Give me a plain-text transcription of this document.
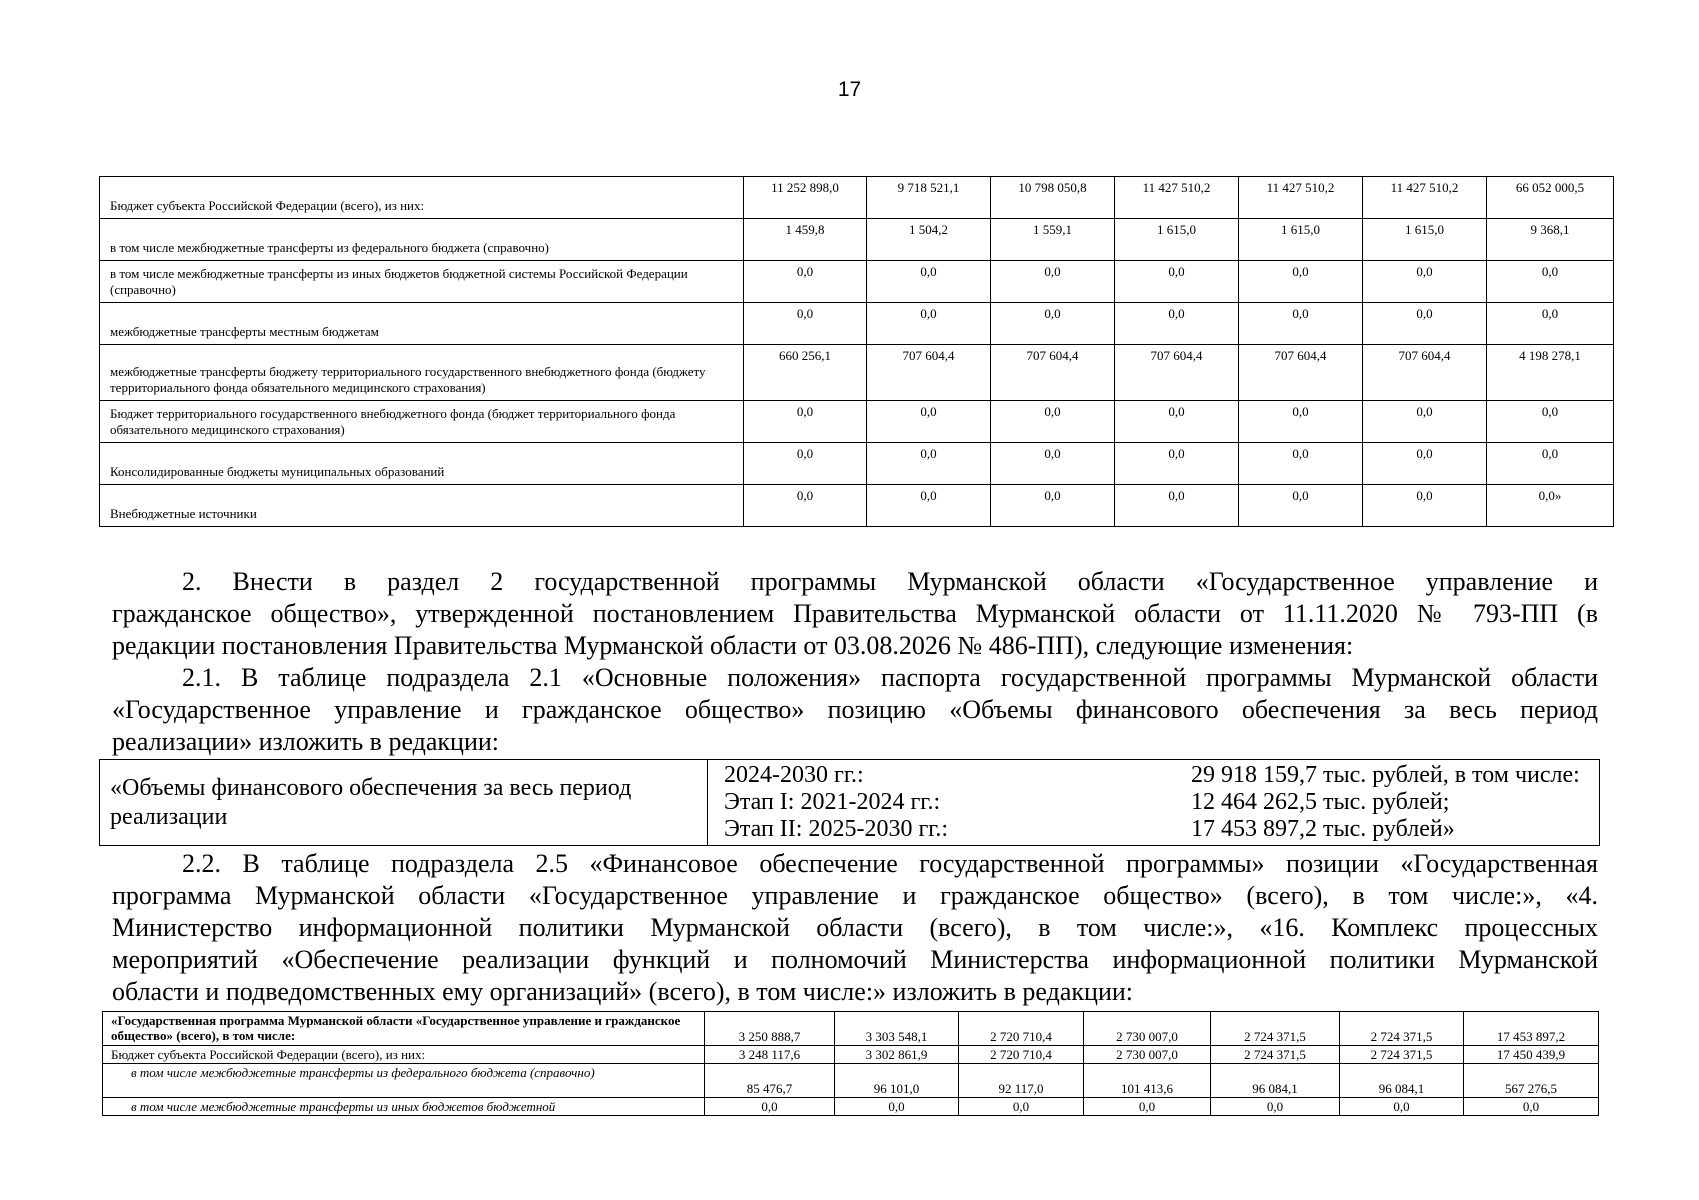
17
Бюджет субъекта Российской Федерации (всего), из них:	11 252 898,0	9 718 521,1	10 798 050,8	11 427 510,2	11 427 510,2	11 427 510,2	66 052 000,5
в том числе межбюджетные трансферты из федерального бюджета (справочно)	1 459,8	1 504,2	1 559,1	1 615,0	1 615,0	1 615,0	9 368,1
в том числе межбюджетные трансферты из иных бюджетов бюджетной системы Российской Федерации (справочно)	0,0	0,0	0,0	0,0	0,0	0,0	0,0
межбюджетные трансферты местным бюджетам	0,0	0,0	0,0	0,0	0,0	0,0	0,0
межбюджетные трансферты бюджету территориального государственного внебюджетного фонда (бюджету территориального фонда обязательного медицинского страхования)	660 256,1	707 604,4	707 604,4	707 604,4	707 604,4	707 604,4	4 198 278,1
Бюджет территориального государственного внебюджетного фонда (бюджет территориального фонда обязательного медицинского страхования)	0,0	0,0	0,0	0,0	0,0	0,0	0,0
Консолидированные бюджеты муниципальных образований	0,0	0,0	0,0	0,0	0,0	0,0	0,0
Внебюджетные источники	0,0	0,0	0,0	0,0	0,0	0,0	0,0»
2. Внести в раздел 2 государственной программы Мурманской области «Государственное управление и
гражданское общество», утвержденной постановлением Правительства Мурманской области от 11.11.2020 № 793-ПП (в
редакции постановления Правительства Мурманской области от 03.08.2026 № 486-ПП), следующие изменения:
2.1. В таблице подраздела 2.1 «Основные положения» паспорта государственной программы Мурманской области
«Государственное управление и гражданское общество» позицию «Объемы финансового обеспечения за весь период
реализации» изложить в редакции:
«Объемы финансового обеспечения за весь период реализации	
2024-2030 гг.:	29 918 159,7 тыс. рублей, в том числе:
Этап I: 2021-2024 гг.:	12 464 262,5 тыс. рублей;
Этап II: 2025-2030 гг.:	17 453 897,2 тыс. рублей»
2.2. В таблице подраздела 2.5 «Финансовое обеспечение государственной программы» позиции «Государственная
программа Мурманской области «Государственное управление и гражданское общество» (всего), в том числе:», «4.
Министерство информационной политики Мурманской области (всего), в том числе:», «16. Комплекс процессных
мероприятий «Обеспечение реализации функций и полномочий Министерства информационной политики Мурманской
области и подведомственных ему организаций» (всего), в том числе:» изложить в редакции:
«Государственная программа Мурманской области «Государственное управление и гражданское общество» (всего), в том числе:	3 250 888,7	3 303 548,1	2 720 710,4	2 730 007,0	2 724 371,5	2 724 371,5	17 453 897,2
Бюджет субъекта Российской Федерации (всего), из них:	3 248 117,6	3 302 861,9	2 720 710,4	2 730 007,0	2 724 371,5	2 724 371,5	17 450 439,9
в том числе межбюджетные трансферты из федерального бюджета (справочно)	85 476,7	96 101,0	92 117,0	101 413,6	96 084,1	96 084,1	567 276,5
в том числе межбюджетные трансферты из иных бюджетов бюджетной	0,0	0,0	0,0	0,0	0,0	0,0	0,0
